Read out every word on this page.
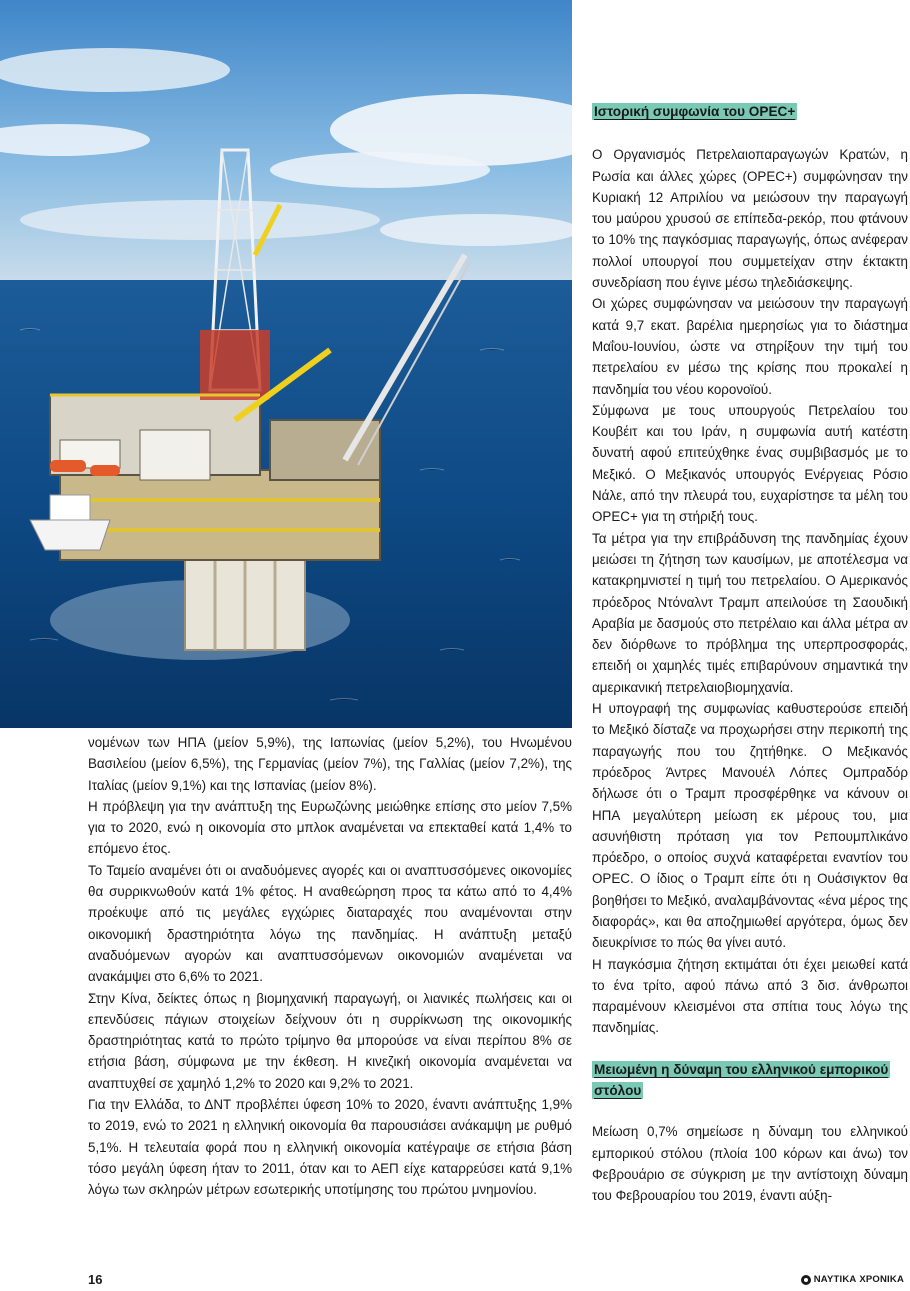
νομένων των ΗΠΑ (μείον 5,9%), της Ιαπωνίας (μείον 5,2%), του Ηνωμένου Βασιλείου (μείον 6,5%), της Γερμανίας (μείον 7%), της Γαλλίας (μείον 7,2%), της Ιταλίας (μείον 9,1%) και της Ισπανίας (μείον 8%).

Η πρόβλεψη για την ανάπτυξη της Ευρωζώνης μειώθηκε επίσης στο μείον 7,5% για το 2020, ενώ η οικονομία στο μπλοκ αναμένεται να επεκταθεί κατά 1,4% το επόμενο έτος.

Το Ταμείο αναμένει ότι οι αναδυόμενες αγορές και οι αναπτυσσόμενες οικονομίες θα συρρικνωθούν κατά 1% φέτος. Η αναθεώρηση προς τα κάτω από το 4,4% προέκυψε από τις μεγάλες εγχώριες διαταραχές που αναμένονται στην οικονομική δραστηριότητα λόγω της πανδημίας. Η ανάπτυξη μεταξύ αναδυόμενων αγορών και αναπτυσσόμενων οικονομιών αναμένεται να ανακάμψει στο 6,6% το 2021.

Στην Κίνα, δείκτες όπως η βιομηχανική παραγωγή, οι λιανικές πωλήσεις και οι επενδύσεις πάγιων στοιχείων δείχνουν ότι η συρρίκνωση της οικονομικής δραστηριότητας κατά το πρώτο τρίμηνο θα μπορούσε να είναι περίπου 8% σε ετήσια βάση, σύμφωνα με την έκθεση. Η κινεζική οικονομία αναμένεται να αναπτυχθεί σε χαμηλό 1,2% το 2020 και 9,2% το 2021.

Για την Ελλάδα, το ΔΝΤ προβλέπει ύφεση 10% το 2020, έναντι ανάπτυξης 1,9% το 2019, ενώ το 2021 η ελληνική οικονομία θα παρουσιάσει ανάκαμψη με ρυθμό 5,1%. Η τελευταία φορά που η ελληνική οικονομία κατέγραψε σε ετήσια βάση τόσο μεγάλη ύφεση ήταν το 2011, όταν και το ΑΕΠ είχε καταρρεύσει κατά 9,1% λόγω των σκληρών μέτρων εσωτερικής υποτίμησης του πρώτου μνημονίου.

Ιστορική συμφωνία του OPEC+

Ο Οργανισμός Πετρελαιοπαραγωγών Κρατών, η Ρωσία και άλλες χώρες (OPEC+) συμφώνησαν την Κυριακή 12 Απριλίου να μειώσουν την παραγωγή του μαύρου χρυσού σε επίπεδα-ρεκόρ, που φτάνουν το 10% της παγκόσμιας παραγωγής, όπως ανέφεραν πολλοί υπουργοί που συμμετείχαν στην έκτακτη συνεδρίαση που έγινε μέσω τηλεδιάσκεψης.

Οι χώρες συμφώνησαν να μειώσουν την παραγωγή κατά 9,7 εκατ. βαρέλια ημερησίως για το διάστημα Μαΐου-Ιουνίου, ώστε να στηρίξουν την τιμή του πετρελαίου εν μέσω της κρίσης που προκαλεί η πανδημία του νέου κορονοϊού.

Σύμφωνα με τους υπουργούς Πετρελαίου του Κουβέιτ και του Ιράν, η συμφωνία αυτή κατέστη δυνατή αφού επιτεύχθηκε ένας συμβιβασμός με το Μεξικό. Ο Μεξικανός υπουργός Ενέργειας Ρόσιο Νάλε, από την πλευρά του, ευχαρίστησε τα μέλη του OPEC+ για τη στήριξή τους.

Τα μέτρα για την επιβράδυνση της πανδημίας έχουν μειώσει τη ζήτηση των καυσίμων, με αποτέλεσμα να κατακρημνιστεί η τιμή του πετρελαίου. Ο Αμερικανός πρόεδρος Ντόναλντ Τραμπ απειλούσε τη Σαουδική Αραβία με δασμούς στο πετρέλαιο και άλλα μέτρα αν δεν διόρθωνε το πρόβλημα της υπερπροσφοράς, επειδή οι χαμηλές τιμές επιβαρύνουν σημαντικά την αμερικανική πετρελαιοβιομηχανία.

Η υπογραφή της συμφωνίας καθυστερούσε επειδή το Μεξικό δίσταζε να προχωρήσει στην περικοπή της παραγωγής που του ζητήθηκε. Ο Μεξικανός πρόεδρος Άντρες Μανουέλ Λόπες Ομπραδόρ δήλωσε ότι ο Τραμπ προσφέρθηκε να κάνουν οι ΗΠΑ μεγαλύτερη μείωση εκ μέρους του, μια ασυνήθιστη πρόταση για τον Ρεπουμπλικάνο πρόεδρο, ο οποίος συχνά καταφέρεται εναντίον του OPEC. Ο ίδιος ο Τραμπ είπε ότι η Ουάσιγκτον θα βοηθήσει το Μεξικό, αναλαμβάνοντας «ένα μέρος της διαφοράς», και θα αποζημιωθεί αργότερα, όμως δεν διευκρίνισε το πώς θα γίνει αυτό.

Η παγκόσμια ζήτηση εκτιμάται ότι έχει μειωθεί κατά το ένα τρίτο, αφού πάνω από 3 δισ. άνθρωποι παραμένουν κλεισμένοι στα σπίτια τους λόγω της πανδημίας.

Μειωμένη η δύναμη του ελληνικού εμπορικού στόλου

Μείωση 0,7% σημείωσε η δύναμη του ελληνικού εμπορικού στόλου (πλοία 100 κόρων και άνω) τον Φεβρουάριο σε σύγκριση με την αντίστοιχη δύναμη του Φεβρουαρίου του 2019, έναντι αύξη-

16	ΝΑΥΤΙΚΑ ΧΡΟΝΙΚΑ
